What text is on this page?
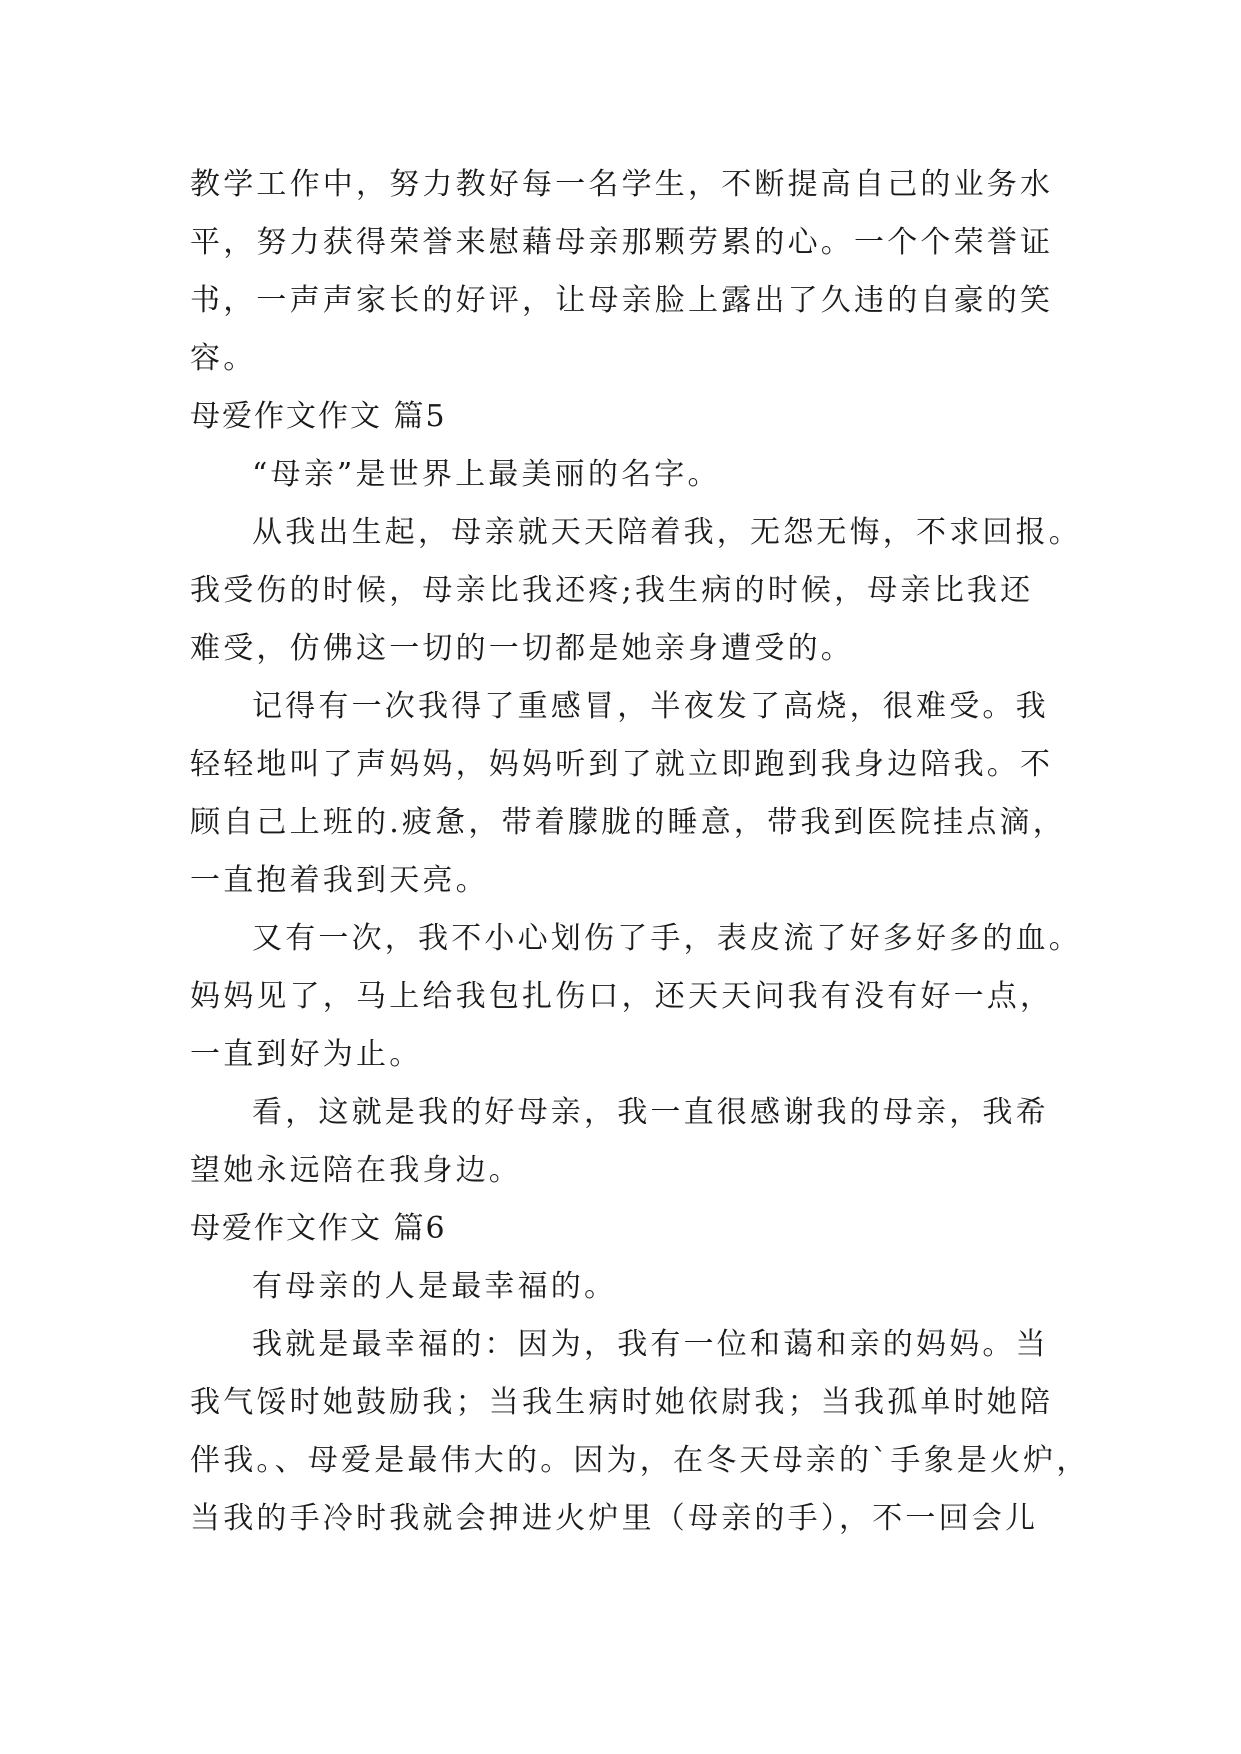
教学工作中，努力教好每一名学生，不断提高自己的业务水
平，努力获得荣誉来慰藉母亲那颗劳累的心。一个个荣誉证
书，一声声家长的好评，让母亲脸上露出了久违的自豪的笑
容。
母爱作文作文 篇5
“母亲”是世界上最美丽的名字。
从我出生起，母亲就天天陪着我，无怨无悔，不求回报。
我受伤的时候，母亲比我还疼;我生病的时候，母亲比我还
难受，仿佛这一切的一切都是她亲身遭受的。
记得有一次我得了重感冒，半夜发了高烧，很难受。我
轻轻地叫了声妈妈，妈妈听到了就立即跑到我身边陪我。不
顾自己上班的.疲惫，带着朦胧的睡意，带我到医院挂点滴，
一直抱着我到天亮。
又有一次，我不小心划伤了手，表皮流了好多好多的血。
妈妈见了，马上给我包扎伤口，还天天问我有没有好一点，
一直到好为止。
看，这就是我的好母亲，我一直很感谢我的母亲，我希
望她永远陪在我身边。
母爱作文作文 篇6
有母亲的人是最幸福的。
我就是最幸福的：因为，我有一位和蔼和亲的妈妈。当
我气馁时她鼓励我；当我生病时她依尉我；当我孤单时她陪
伴我。、母爱是最伟大的。因为，在冬天母亲的`手象是火炉，
当我的手冷时我就会抻进火炉里（母亲的手），不一回会儿
